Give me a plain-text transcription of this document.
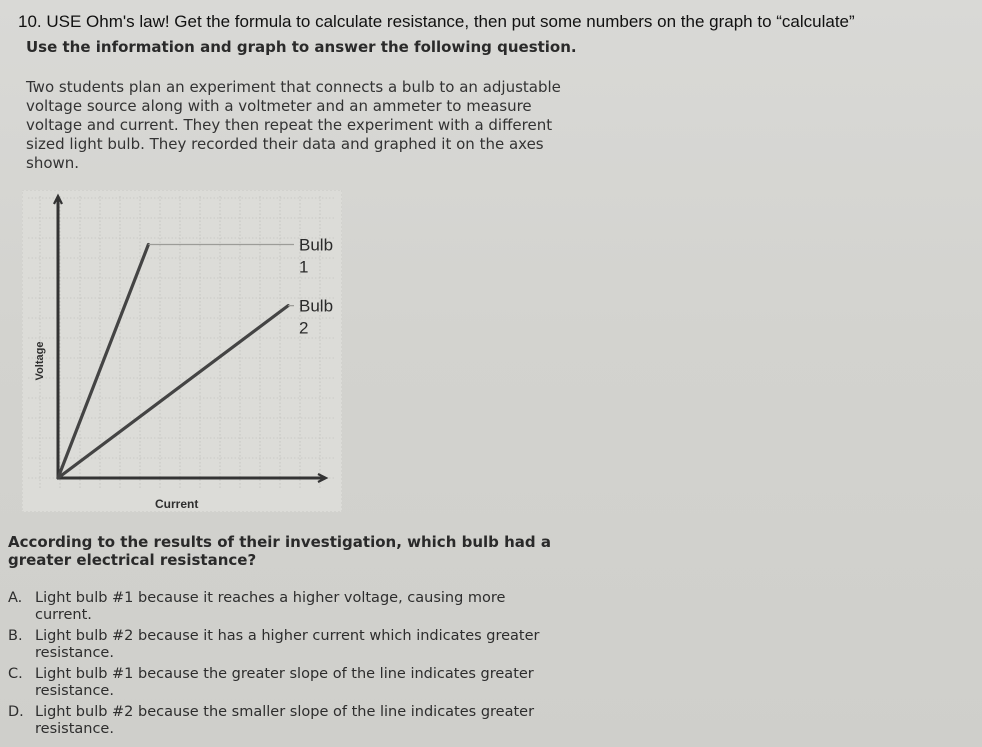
10. USE Ohm's law! Get the formula to calculate resistance, then put some numbers on the graph to “calculate”
Use the information and graph to answer the following question.
Two students plan an experiment that connects a bulb to an adjustable
voltage source along with a voltmeter and an ammeter to measure
voltage and current. They then repeat the experiment with a different
sized light bulb. They recorded their data and graphed it on the axes
shown.
Bulb
1
Bulb
2
Current
Voltage
According to the results of their investigation, which bulb had a
greater electrical resistance?
A. Light bulb #1 because it reaches a higher voltage, causing more
current.
B. Light bulb #2 because it has a higher current which indicates greater
resistance.
C. Light bulb #1 because the greater slope of the line indicates greater
resistance.
D. Light bulb #2 because the smaller slope of the line indicates greater
resistance.
